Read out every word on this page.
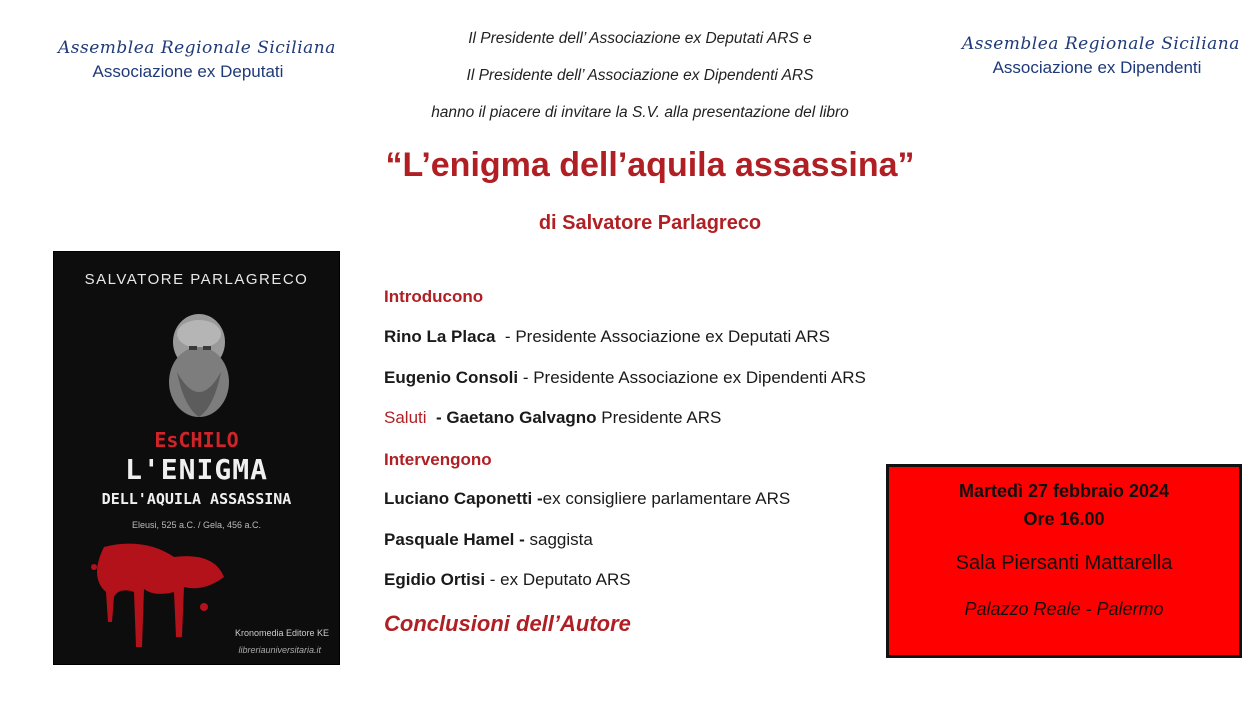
Assemblea Regionale Siciliana
Associazione ex Deputati
Assemblea Regionale Siciliana
Associazione ex Dipendenti
Il Presidente dell’ Associazione ex Deputati ARS e
Il Presidente dell’ Associazione ex Dipendenti ARS
hanno il piacere di invitare la S.V. alla presentazione del libro
“L’enigma dell’aquila assassina”
di Salvatore Parlagreco
SALVATORE PARLAGRECO
EsCHILO
L'ENIGMA
DELL'AQUILA ASSASSINA
Eleusi, 525 a.C. / Gela, 456 a.C.
Kronomedia Editore KE
libreriauniversitaria.it
Introducono
Rino La Placa  - Presidente Associazione ex Deputati ARS
Eugenio Consoli - Presidente Associazione ex Dipendenti ARS
Saluti  - Gaetano Galvagno Presidente ARS
Intervengono
Luciano Caponetti -ex consigliere parlamentare ARS
Pasquale Hamel - saggista
Egidio Ortisi - ex Deputato ARS
Conclusioni dell’Autore
Martedì 27 febbraio 2024
Ore 16.00
Sala Piersanti Mattarella
Palazzo Reale - Palermo
